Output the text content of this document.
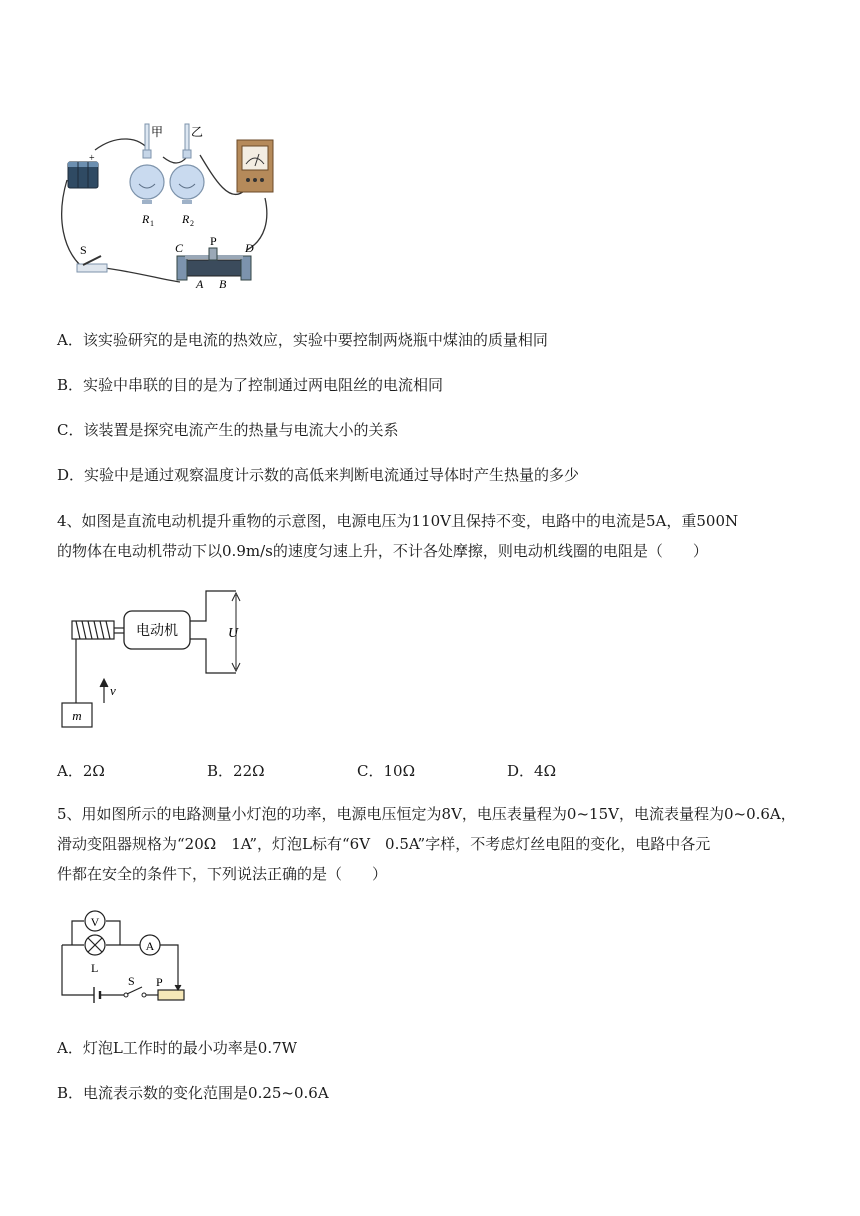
+
甲 乙
R 1 R 2
S	C P D
A B
A．该实验研究的是电流的热效应，实验中要控制两烧瓶中煤油的质量相同
B．实验中串联的目的是为了控制通过两电阻丝的电流相同
C．该装置是探究电流产生的热量与电流大小的关系
D．实验中是通过观察温度计示数的高低来判断电流通过导体时产生热量的多少
4、如图是直流电动机提升重物的示意图，电源电压为110V且保持不变，电路中的电流是5A，重500N
的物体在电动机带动下以0.9m/s的速度匀速上升，不计各处摩擦，则电动机线圈的电阻是（　　）
电动机	U
m
v
A．2Ω	B．22Ω	C．10Ω	D．4Ω
5、用如图所示的电路测量小灯泡的功率，电源电压恒定为8V，电压表量程为0~15V，电流表量程为0~0.6A，
滑动变阻器规格为“20Ω　1A”，灯泡L标有“6V　0.5A”字样，不考虑灯丝电阻的变化，电路中各元
件都在安全的条件下，下列说法正确的是（　　）
V
A
L
S P
A．灯泡L工作时的最小功率是0.7W
B．电流表示数的变化范围是0.25~0.6A
